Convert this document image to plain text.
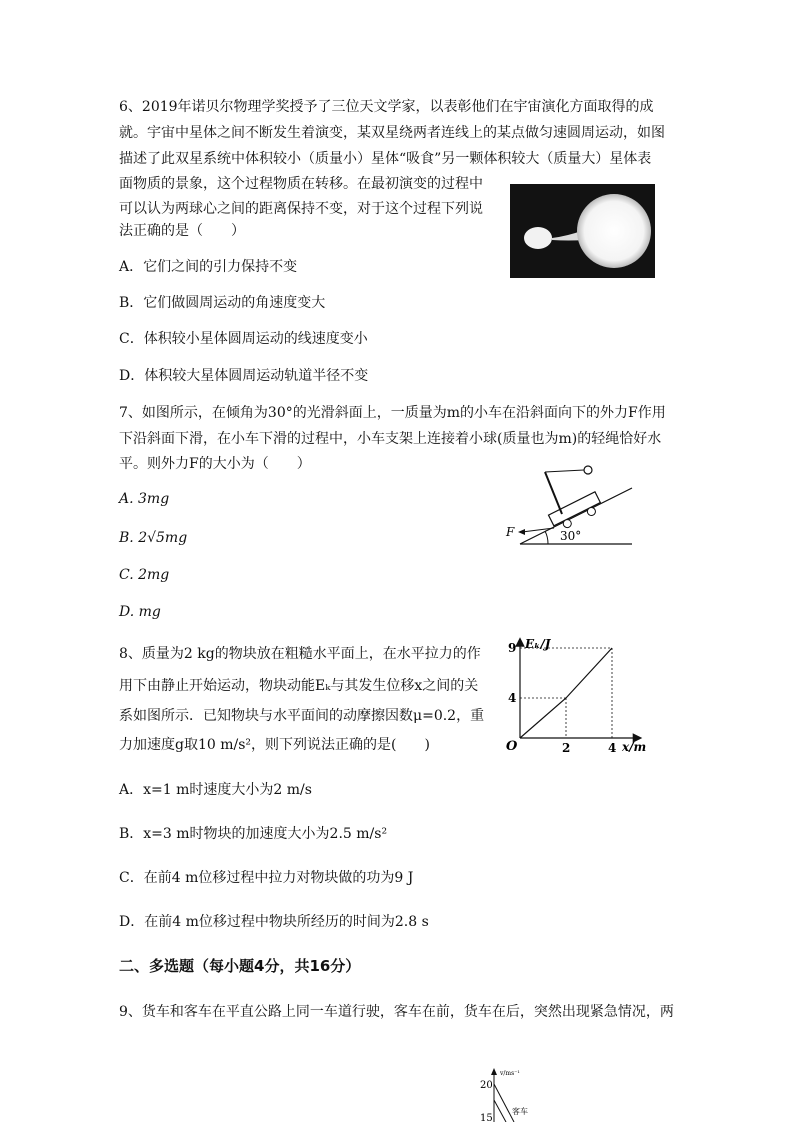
6、2019年诺贝尔物理学奖授予了三位天文学家，以表彰他们在宇宙演化方面取得的成
就。宇宙中星体之间不断发生着演变，某双星绕两者连线上的某点做匀速圆周运动，如图
描述了此双星系统中体积较小（质量小）星体“吸食”另一颗体积较大（质量大）星体表
面物质的景象，这个过程物质在转移。在最初演变的过程中
可以认为两球心之间的距离保持不变，对于这个过程下列说
法正确的是（　　）
A．它们之间的引力保持不变
B．它们做圆周运动的角速度变大
C．体积较小星体圆周运动的线速度变小
D．体积较大星体圆周运动轨道半径不变
7、如图所示，在倾角为30°的光滑斜面上，一质量为m的小车在沿斜面向下的外力F作用
下沿斜面下滑，在小车下滑的过程中，小车支架上连接着小球(质量也为m)的轻绳恰好水
平。则外力F的大小为（　　）
A. 3mg
B. 2√5mg
C. 2mg
D. mg
30°
F
8、质量为2 kg的物块放在粗糙水平面上，在水平拉力的作
用下由静止开始运动，物块动能Eₖ与其发生位移x之间的关
系如图所示．已知物块与水平面间的动摩擦因数μ=0.2，重
力加速度g取10 m/s²，则下列说法正确的是(　　)
A．x=1 m时速度大小为2 m/s
B．x=3 m时物块的加速度大小为2.5 m/s²
C．在前4 m位移过程中拉力对物块做的功为9 J
D．在前4 m位移过程中物块所经历的时间为2.8 s
2	4
4
9
O
Eₖ/J
x/m
二、多选题（每小题4分，共16分）
9、货车和客车在平直公路上同一车道行驶，客车在前，货车在后，突然出现紧急情况，两
v/ms⁻¹
20
15
客车
